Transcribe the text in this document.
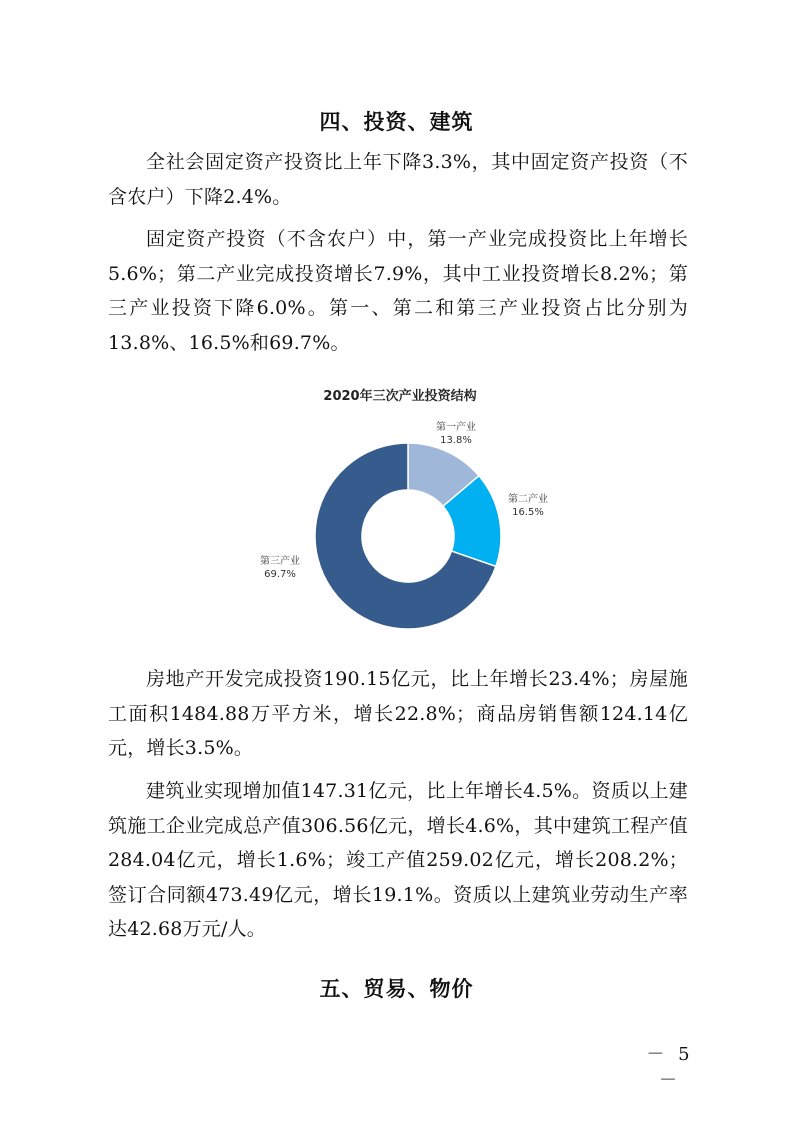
四、投资、建筑

全社会固定资产投资比上年下降3.3%，其中固定资产投资（不含农户）下降2.4%。

固定资产投资（不含农户）中，第一产业完成投资比上年增长5.6%；第二产业完成投资增长7.9%，其中工业投资增长8.2%；第三产业投资下降6.0%。第一、第二和第三产业投资占比分别为13.8%、16.5%和69.7%。

2020年三次产业投资结构
第一产业
13.8%
第二产业
16.5%
第三产业
69.7%

房地产开发完成投资190.15亿元，比上年增长23.4%；房屋施工面积1484.88万平方米，增长22.8%；商品房销售额124.14亿元，增长3.5%。

建筑业实现增加值147.31亿元，比上年增长4.5%。资质以上建筑施工企业完成总产值306.56亿元，增长4.6%，其中建筑工程产值284.04亿元，增长1.6%；竣工产值259.02亿元，增长208.2%；签订合同额473.49亿元，增长19.1%。资质以上建筑业劳动生产率达42.68万元/人。

五、贸易、物价

－ 5 －
